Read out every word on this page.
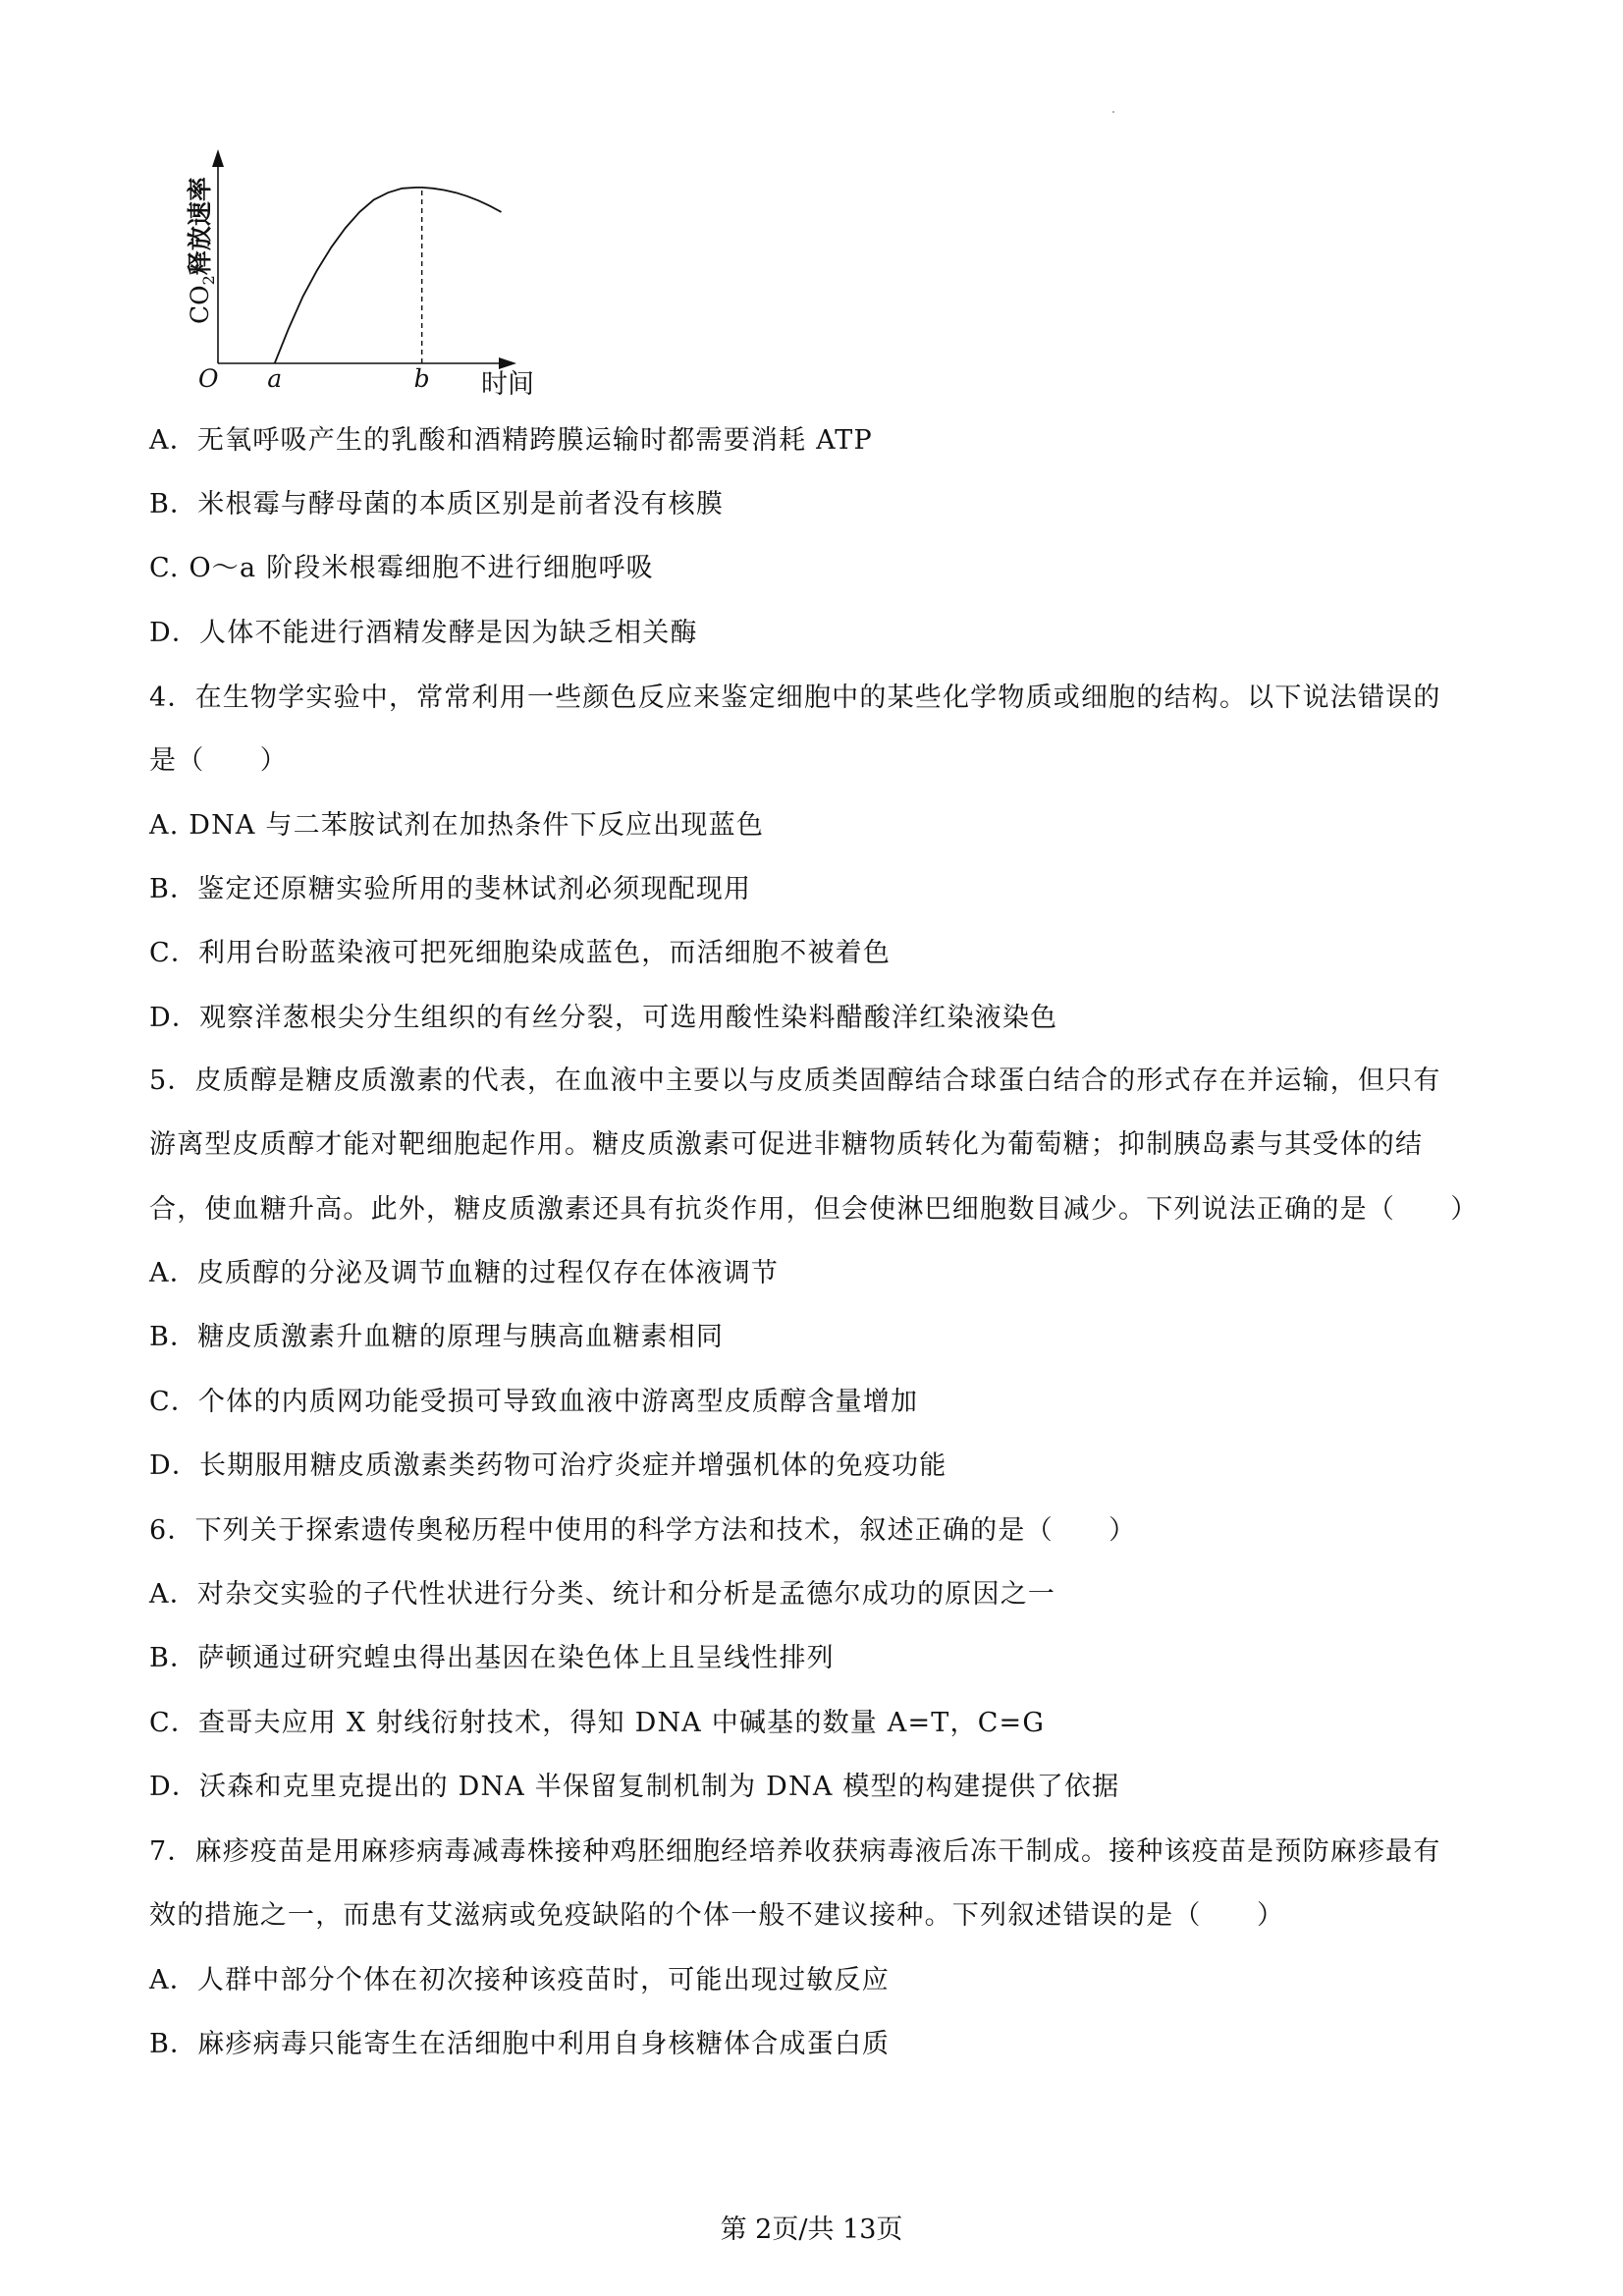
O a	b 时间
$CO_2$释放速率
A．无氧呼吸产生的乳酸和酒精跨膜运输时都需要消耗 ATP
B．米根霉与酵母菌的本质区别是前者没有核膜
C. O～a 阶段米根霉细胞不进行细胞呼吸
D．人体不能进行酒精发酵是因为缺乏相关酶
4．在生物学实验中，常常利用一些颜色反应来鉴定细胞中的某些化学物质或细胞的结构。以下说法错误的
是（　　）
A. DNA 与二苯胺试剂在加热条件下反应出现蓝色
B．鉴定还原糖实验所用的斐林试剂必须现配现用
C．利用台盼蓝染液可把死细胞染成蓝色，而活细胞不被着色
D．观察洋葱根尖分生组织的有丝分裂，可选用酸性染料醋酸洋红染液染色
5．皮质醇是糖皮质激素的代表，在血液中主要以与皮质类固醇结合球蛋白结合的形式存在并运输，但只有
游离型皮质醇才能对靶细胞起作用。糖皮质激素可促进非糖物质转化为葡萄糖；抑制胰岛素与其受体的结
合，使血糖升高。此外，糖皮质激素还具有抗炎作用，但会使淋巴细胞数目减少。下列说法正确的是（　　）
A．皮质醇的分泌及调节血糖的过程仅存在体液调节
B．糖皮质激素升血糖的原理与胰高血糖素相同
C．个体的内质网功能受损可导致血液中游离型皮质醇含量增加
D．长期服用糖皮质激素类药物可治疗炎症并增强机体的免疫功能
6．下列关于探索遗传奥秘历程中使用的科学方法和技术，叙述正确的是（　　）
A．对杂交实验的子代性状进行分类、统计和分析是孟德尔成功的原因之一
B．萨顿通过研究蝗虫得出基因在染色体上且呈线性排列
C．查哥夫应用 X 射线衍射技术，得知 DNA 中碱基的数量 A=T，C=G
D．沃森和克里克提出的 DNA 半保留复制机制为 DNA 模型的构建提供了依据
7．麻疹疫苗是用麻疹病毒减毒株接种鸡胚细胞经培养收获病毒液后冻干制成。接种该疫苗是预防麻疹最有
效的措施之一，而患有艾滋病或免疫缺陷的个体一般不建议接种。下列叙述错误的是（　　）
A．人群中部分个体在初次接种该疫苗时，可能出现过敏反应
B．麻疹病毒只能寄生在活细胞中利用自身核糖体合成蛋白质
第 2页/共 13页
